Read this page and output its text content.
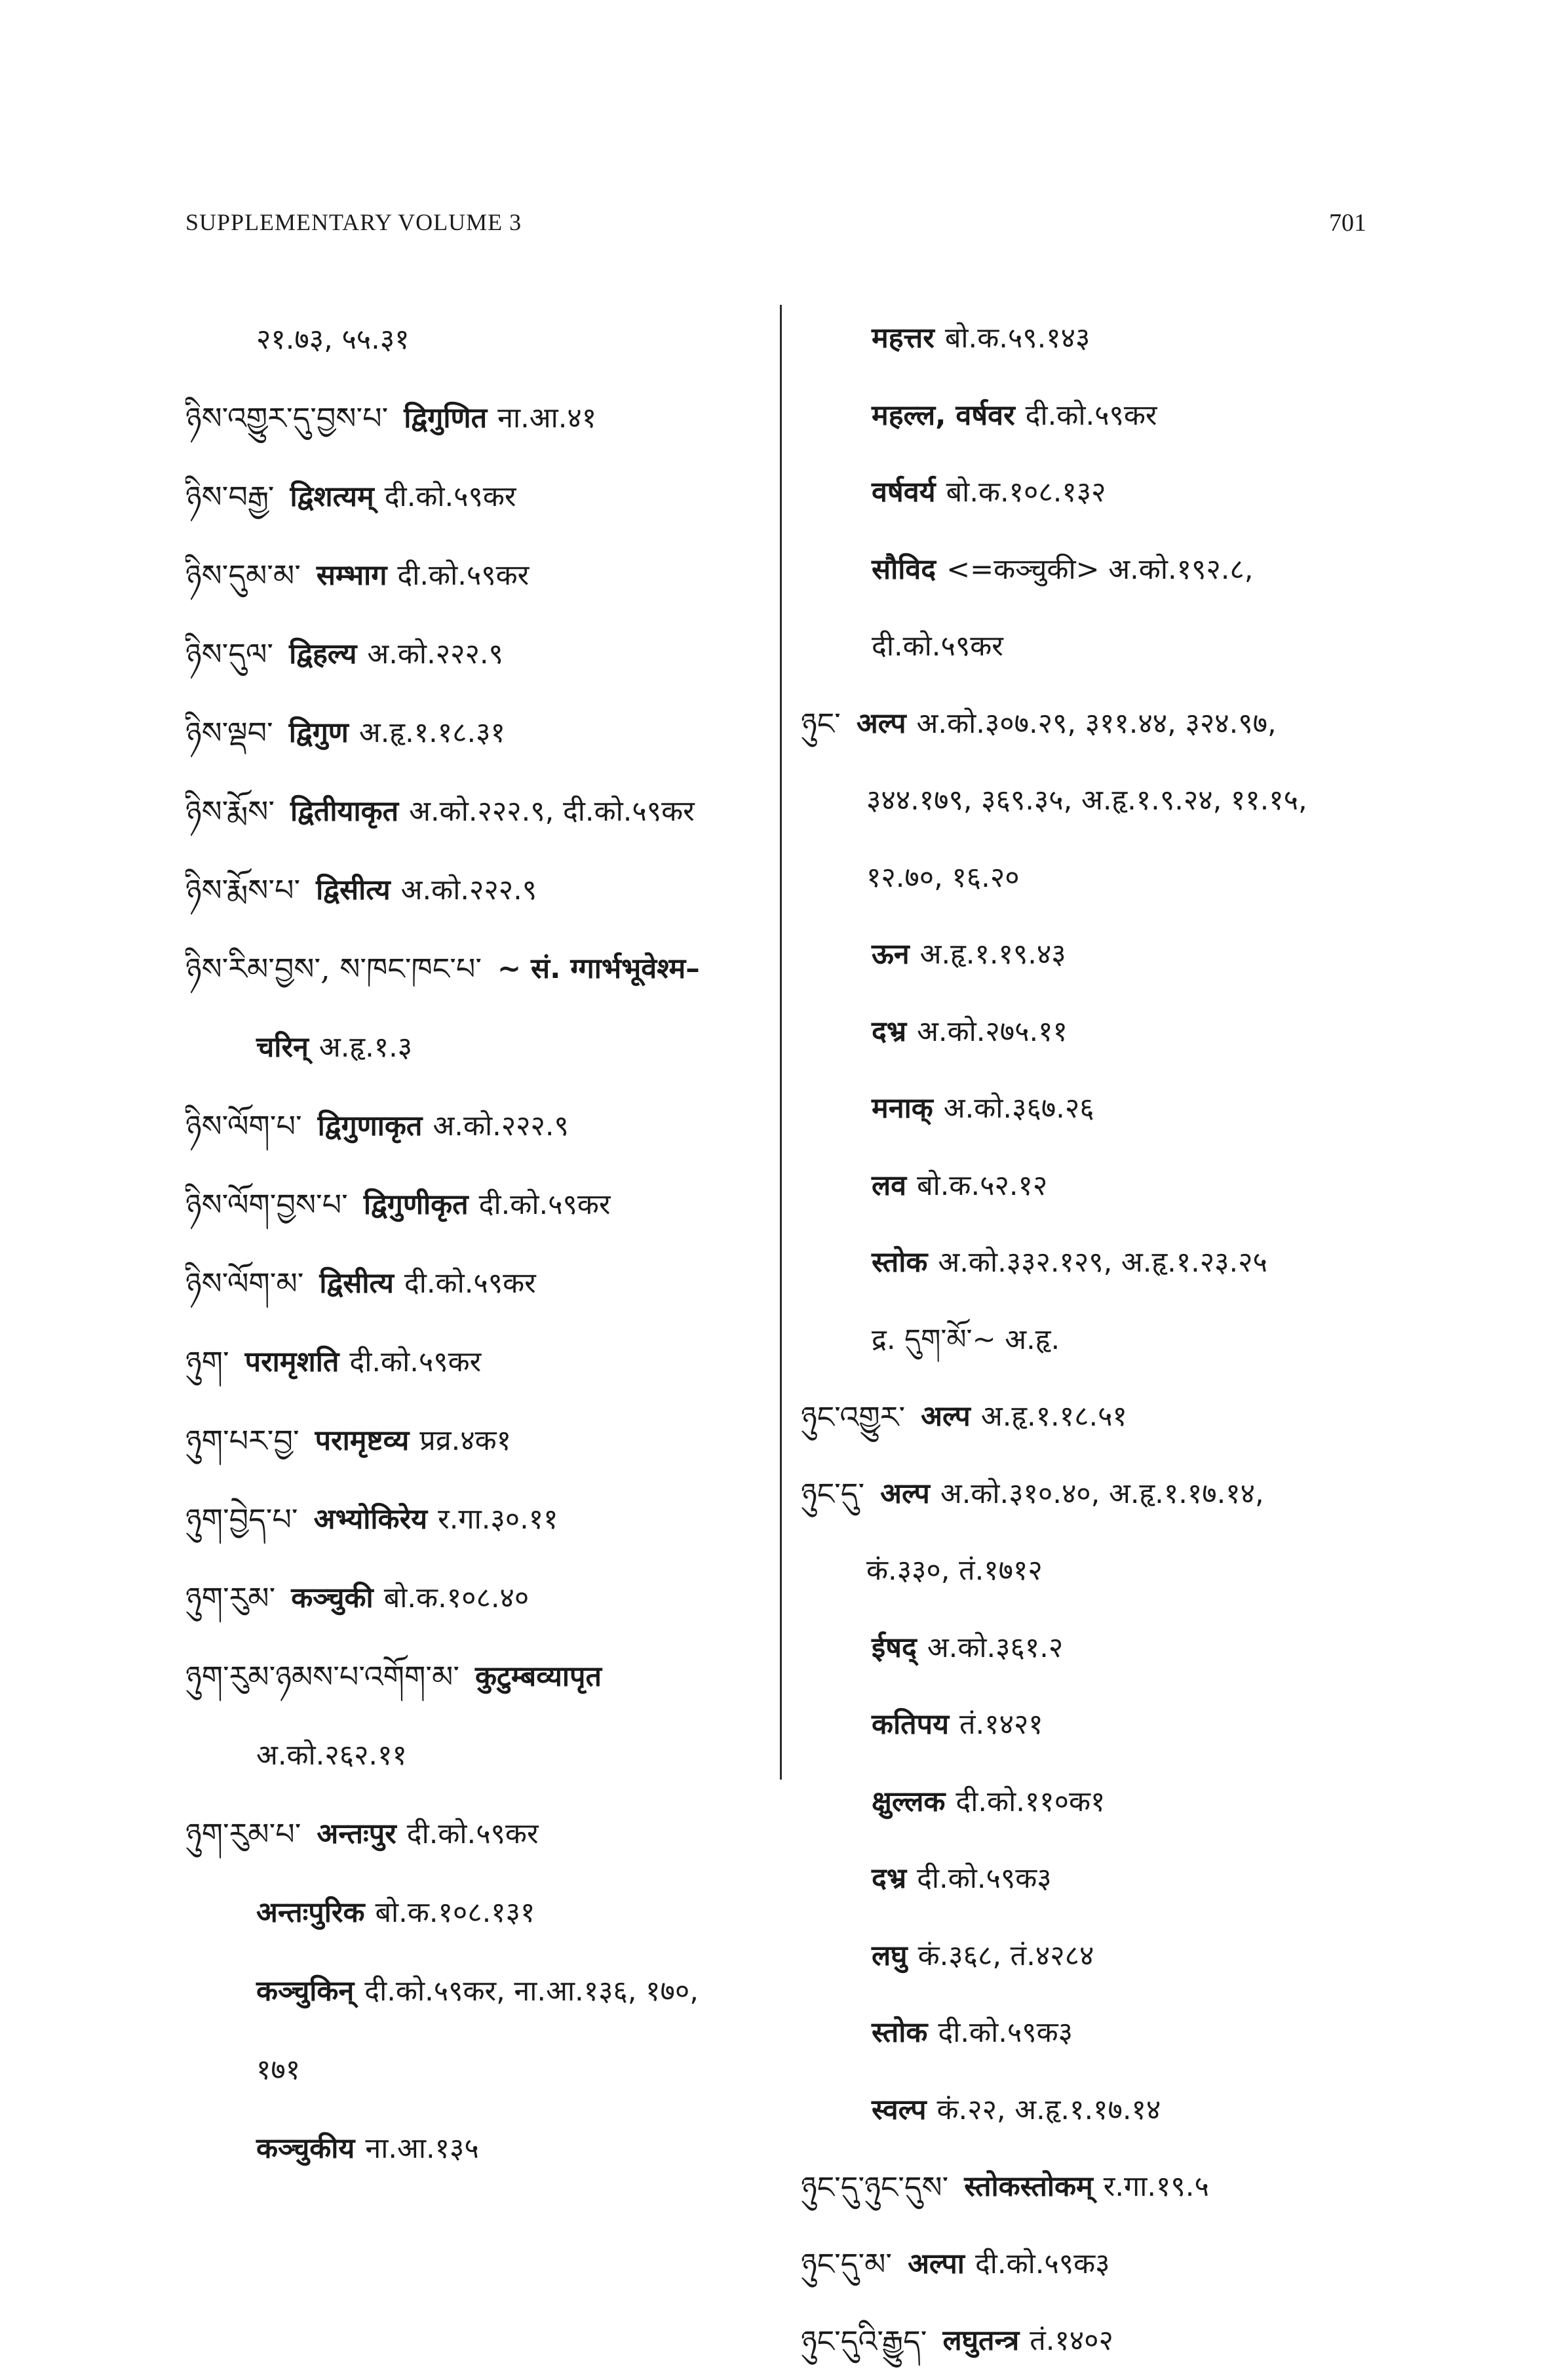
SUPPLEMENTARY VOLUME 3	701
२१.७३, ५५.३१
ཉིས་འགྱུར་དུ་བྱས་པ་ द्विगुणित ना.आ.४१
ཉིས་བརྒྱ་ द्विशत्यम् दी.को.५९कर
ཉིས་དུམ་མ་ सम्भाग दी.को.५९कर
ཉིས་དུལ་ द्विहल्य अ.को.२२२.९
ཉིས་ལྡབ་ द्विगुण अ.हृ.१.१८.३१
ཉིས་རྨོས་ द्वितीयाकृत अ.को.२२२.९, दी.को.५९कर
ཉིས་རྨོས་པ་ द्विसीत्य अ.को.२२२.९
ཉིས་རིམ་བྱས་, ས་ཁང་ཁང་པ་ ~ सं. ग्गार्भभूवेश्म–
चरिन् अ.हृ.१.३
ཉིས་ལོག་པ་ द्विगुणाकृत अ.को.२२२.९
ཉིས་ལོག་བྱས་པ་ द्विगुणीकृत दी.को.५९कर
ཉིས་ལོག་མ་ द्विसीत्य दी.को.५९कर
ཉུག་ परामृशति दी.को.५९कर
ཉུག་པར་བྱ་ परामृष्टव्य प्रव्र.४क१
ཉུག་བྱེད་པ་ अभ्योकिरेय र.गा.३०.११
ཉུག་རུམ་ कञ्चुकी बो.क.१०८.४०
ཉུག་རུམ་ཉམས་པ་འགོག་མ་ कुटुम्बव्यापृत
अ.को.२६२.११
ཉུག་རུམ་པ་ अन्तःपुर दी.को.५९कर
अन्तःपुरिक बो.क.१०८.१३१
कञ्चुकिन् दी.को.५९कर, ना.आ.१३६, १७०,
१७१
कञ्चुकीय ना.आ.१३५
महत्तर बो.क.५९.१४३
महल्ल, वर्षवर दी.को.५९कर
वर्षवर्य बो.क.१०८.१३२
सौविद <=कञ्चुकी> अ.को.१९२.८,
दी.को.५९कर
ཉུང་ अल्प अ.को.३०७.२९, ३११.४४, ३२४.९७,
३४४.१७९, ३६९.३५, अ.हृ.१.९.२४, ११.१५,
१२.७०, १६.२०
ऊन अ.हृ.१.१९.४३
दभ्र अ.को.२७५.११
मनाक् अ.को.३६७.२६
लव बो.क.५२.१२
स्तोक अ.को.३३२.१२९, अ.हृ.१.२३.२५
द्र. དུག་མོ་~ अ.हृ.
ཉུང་འགྱུར་ अल्प अ.हृ.१.१८.५१
ཉུང་དུ་ अल्प अ.को.३१०.४०, अ.हृ.१.१७.१४,
कं.३३०, तं.१७१२
ईषद् अ.को.३६१.२
कतिपय तं.१४२१
क्षुल्लक दी.को.११०क१
दभ्र दी.को.५९क३
लघु कं.३६८, तं.४२८४
स्तोक दी.को.५९क३
स्वल्प कं.२२, अ.हृ.१.१७.१४
ཉུང་དུ་ཉུང་དུས་ स्तोकस्तोकम् र.गा.१९.५
ཉུང་དུ་མ་ अल्पा दी.को.५९क३
ཉུང་དུའི་རྒྱུད་ लघुतन्त्र तं.१४०२
